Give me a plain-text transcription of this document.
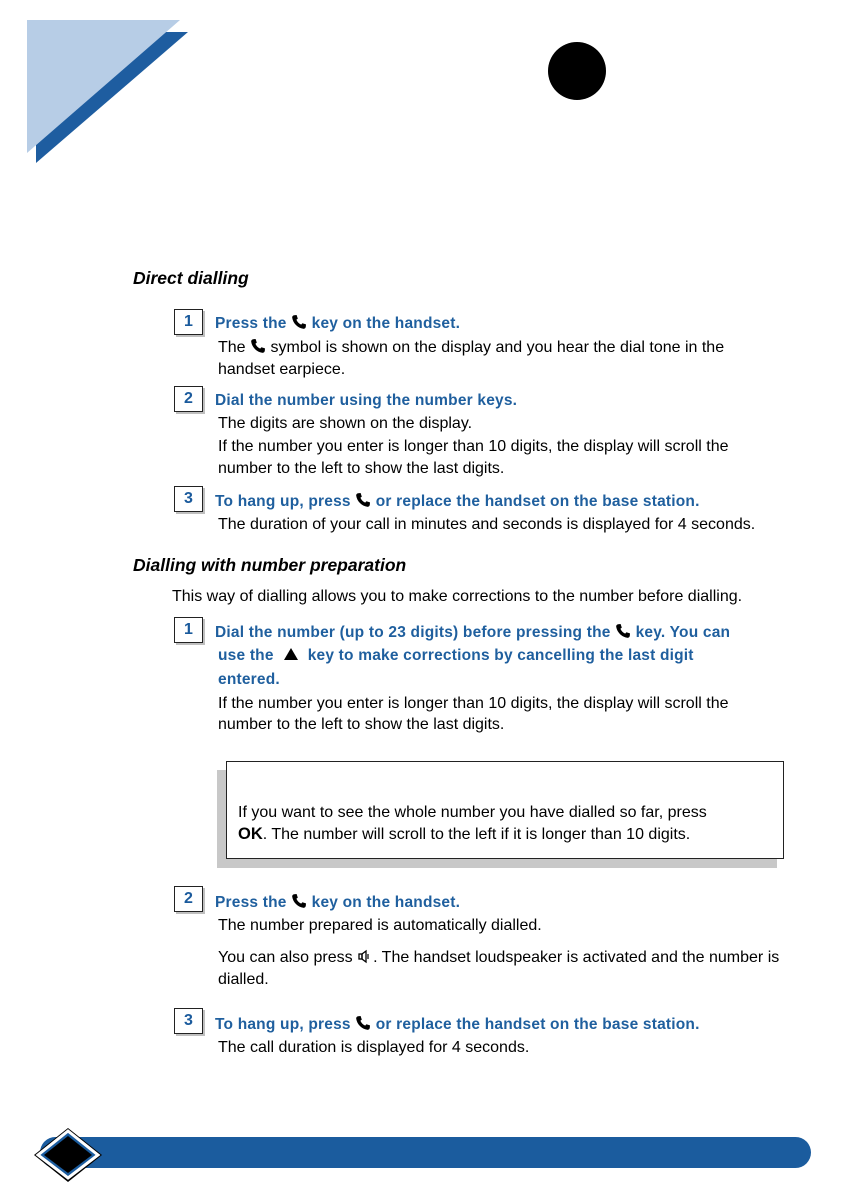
Direct dialling
1	Press the key on the handset.
The symbol is shown on the display and you hear the dial tone in the
handset earpiece.
2	Dial the number using the number keys.
The digits are shown on the display.
If the number you enter is longer than 10 digits, the display will scroll the
number to the left to show the last digits.
3	To hang up, press or replace the handset on the base station.
The duration of your call in minutes and seconds is displayed for 4 seconds.
Dialling with number preparation
This way of dialling allows you to make corrections to the number before dialling.
1	Dial the number (up to 23 digits) before pressing the key. You can
use the key to make corrections by cancelling the last digit
entered.
If the number you enter is longer than 10 digits, the display will scroll the
number to the left to show the last digits.
If you want to see the whole number you have dialled so far, press
OK. The number will scroll to the left if it is longer than 10 digits.
2	Press the key on the handset.
The number prepared is automatically dialled.
You can also press . The handset loudspeaker is activated and the number is
dialled.
3	To hang up, press or replace the handset on the base station.
The call duration is displayed for 4 seconds.
